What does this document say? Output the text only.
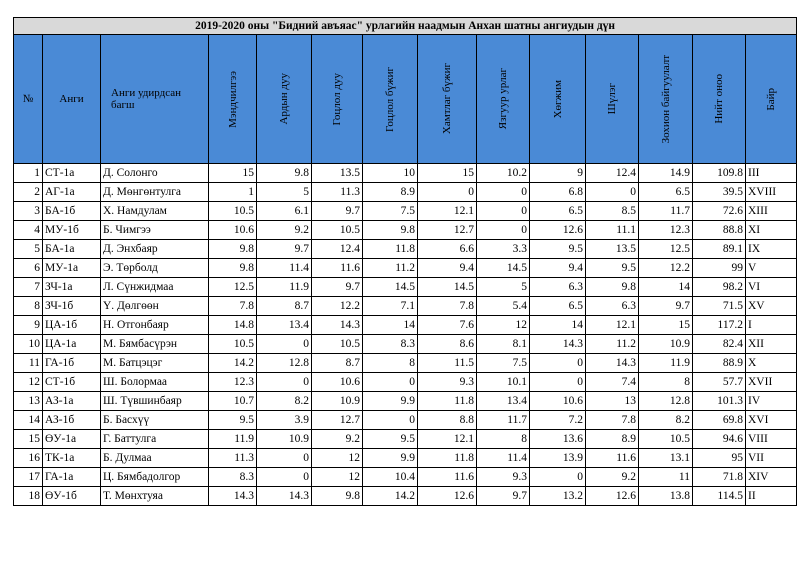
2019-2020 оны "Бидний авъяас" урлагийн наадмын Анхан шатны ангиудын дүн													
№	Анги	Анги удирдсан багш	Мэндчилгээ	Ардын дуу	Гоцлол дуу	Гоцлол бүжиг	Хамтлаг бүжиг	Язгуур урлаг	Хөгжим	Шүлэг	Зохион байгуулалт	Нийт оноо	Байр

1	СТ-1а	Д. Солонго	15	9.8	13.5	10	15	10.2	9	12.4	14.9	109.8	III
2	АГ-1а	Д. Мөнгөнтулга	1	5	11.3	8.9	0	0	6.8	0	6.5	39.5	XVIII
3	БА-1б	Х. Намдулам	10.5	6.1	9.7	7.5	12.1	0	6.5	8.5	11.7	72.6	XIII
4	МУ-1б	Б. Чимгээ	10.6	9.2	10.5	9.8	12.7	0	12.6	11.1	12.3	88.8	XI
5	БА-1а	Д. Энхбаяр	9.8	9.7	12.4	11.8	6.6	3.3	9.5	13.5	12.5	89.1	IX
6	МУ-1а	Э. Төрболд	9.8	11.4	11.6	11.2	9.4	14.5	9.4	9.5	12.2	99	V
7	ЗЧ-1а	Л. Сүнжидмаа	12.5	11.9	9.7	14.5	14.5	5	6.3	9.8	14	98.2	VI
8	ЗЧ-1б	Ү. Дөлгөөн	7.8	8.7	12.2	7.1	7.8	5.4	6.5	6.3	9.7	71.5	XV
9	ЦА-1б	Н. Отгонбаяр	14.8	13.4	14.3	14	7.6	12	14	12.1	15	117.2	I
10	ЦА-1а	М. Бямбасүрэн	10.5	0	10.5	8.3	8.6	8.1	14.3	11.2	10.9	82.4	XII
11	ГА-1б	М. Батцэцэг	14.2	12.8	8.7	8	11.5	7.5	0	14.3	11.9	88.9	X
12	СТ-1б	Ш. Болормаа	12.3	0	10.6	0	9.3	10.1	0	7.4	8	57.7	XVII
13	АЗ-1а	Ш. Түвшинбаяр	10.7	8.2	10.9	9.9	11.8	13.4	10.6	13	12.8	101.3	IV
14	АЗ-1б	Б. Басхүү	9.5	3.9	12.7	0	8.8	11.7	7.2	7.8	8.2	69.8	XVI
15	ӨУ-1а	Г. Баттулга	11.9	10.9	9.2	9.5	12.1	8	13.6	8.9	10.5	94.6	VIII
16	ТК-1а	Б. Дулмаа	11.3	0	12	9.9	11.8	11.4	13.9	11.6	13.1	95	VII
17	ГА-1а	Ц. Бямбадолгор	8.3	0	12	10.4	11.6	9.3	0	9.2	11	71.8	XIV
18	ӨУ-1б	Т. Мөнхтуяа	14.3	14.3	9.8	14.2	12.6	9.7	13.2	12.6	13.8	114.5	II
